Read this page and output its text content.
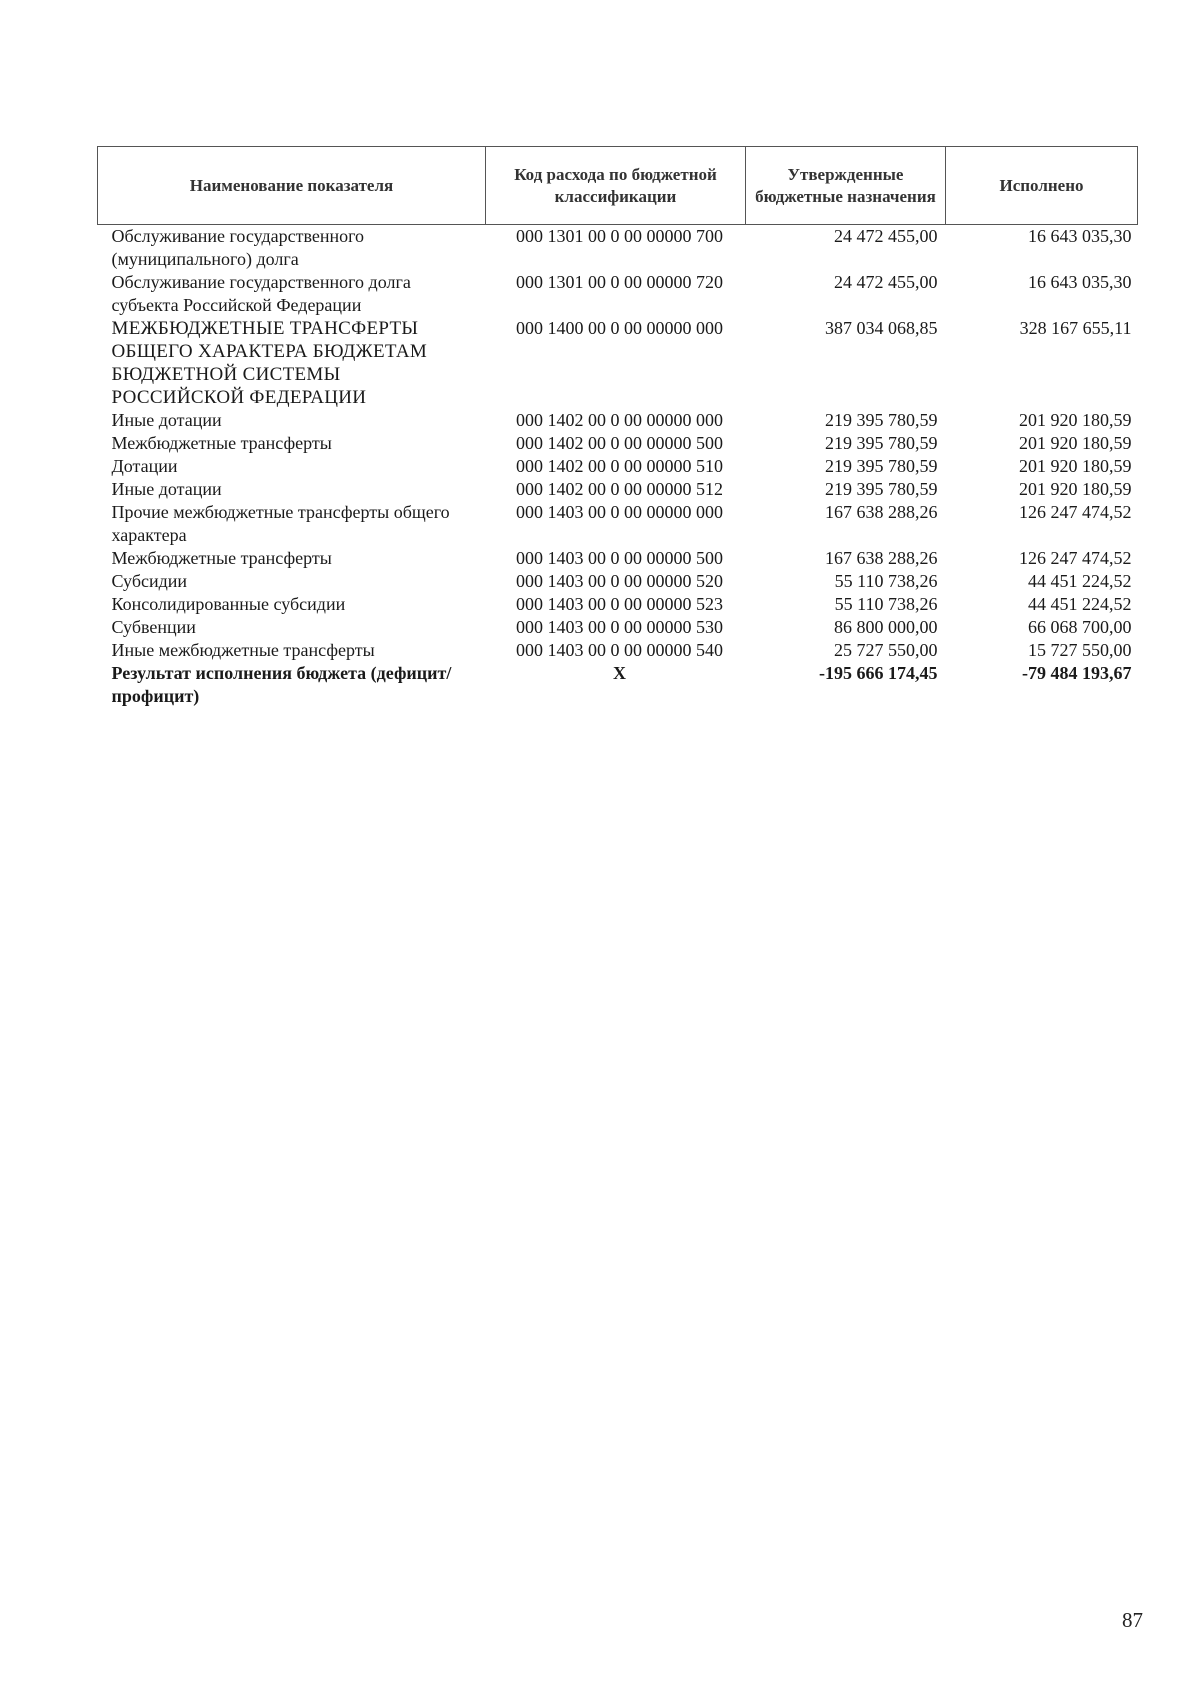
Наименование показателя	Код расхода по бюджетной классификации	Утвержденные бюджетные назначения	Исполнено
Обслуживание государственного (муниципального) долга	000 1301 00 0 00 00000 700	24 472 455,00	16 643 035,30
Обслуживание государственного долга субъекта Российской Федерации	000 1301 00 0 00 00000 720	24 472 455,00	16 643 035,30
МЕЖБЮДЖЕТНЫЕ ТРАНСФЕРТЫ ОБЩЕГО ХАРАКТЕРА БЮДЖЕТАМ БЮДЖЕТНОЙ СИСТЕМЫ РОССИЙСКОЙ ФЕДЕРАЦИИ	000 1400 00 0 00 00000 000	387 034 068,85	328 167 655,11
Иные дотации	000 1402 00 0 00 00000 000	219 395 780,59	201 920 180,59
Межбюджетные трансферты	000 1402 00 0 00 00000 500	219 395 780,59	201 920 180,59
Дотации	000 1402 00 0 00 00000 510	219 395 780,59	201 920 180,59
Иные дотации	000 1402 00 0 00 00000 512	219 395 780,59	201 920 180,59
Прочие межбюджетные трансферты общего характера	000 1403 00 0 00 00000 000	167 638 288,26	126 247 474,52
Межбюджетные трансферты	000 1403 00 0 00 00000 500	167 638 288,26	126 247 474,52
Субсидии	000 1403 00 0 00 00000 520	55 110 738,26	44 451 224,52
Консолидированные субсидии	000 1403 00 0 00 00000 523	55 110 738,26	44 451 224,52
Субвенции	000 1403 00 0 00 00000 530	86 800 000,00	66 068 700,00
Иные межбюджетные трансферты	000 1403 00 0 00 00000 540	25 727 550,00	15 727 550,00
Результат исполнения бюджета (дефицит/профицит)	X	-195 666 174,45	-79 484 193,67
87
